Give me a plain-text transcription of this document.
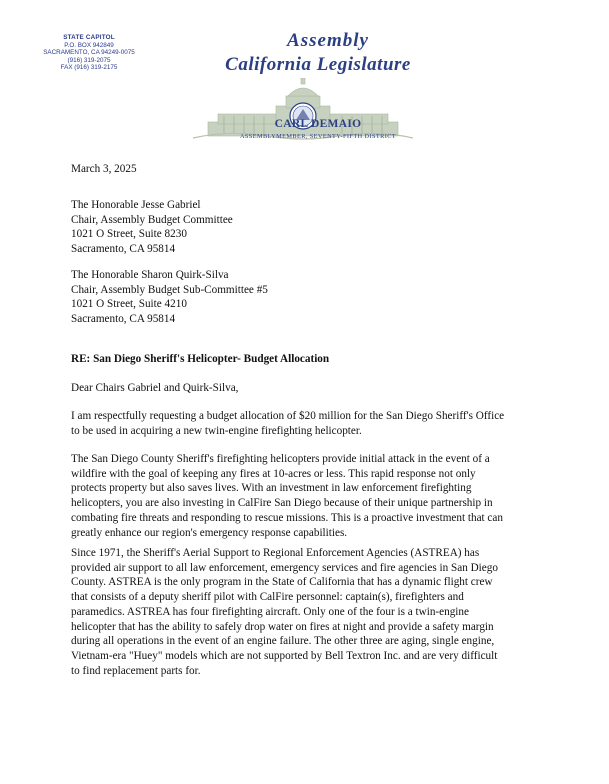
STATE CAPITOL
P.O. BOX 942849
SACRAMENTO, CA 94249-0075
(916) 319-2075
FAX (916) 319-2175
Assembly
California Legislature
CARL DEMAIO
ASSEMBLYMEMBER, SEVENTY-FIFTH DISTRICT
March 3, 2025
The Honorable Jesse Gabriel
Chair, Assembly Budget Committee
1021 O Street, Suite 8230
Sacramento, CA 95814
The Honorable Sharon Quirk-Silva
Chair, Assembly Budget Sub-Committee #5
1021 O Street, Suite 4210
Sacramento, CA 95814
RE: San Diego Sheriff's Helicopter- Budget Allocation
Dear Chairs Gabriel and Quirk-Silva,
I am respectfully requesting a budget allocation of $20 million for the San Diego Sheriff's Office
to be used in acquiring a new twin-engine firefighting helicopter.
The San Diego County Sheriff's firefighting helicopters provide initial attack in the event of a
wildfire with the goal of keeping any fires at 10-acres or less. This rapid response not only
protects property but also saves lives. With an investment in law enforcement firefighting
helicopters, you are also investing in CalFire San Diego because of their unique partnership in
combating fire threats and responding to rescue missions. This is a proactive investment that can
greatly enhance our region's emergency response capabilities.
Since 1971, the Sheriff's Aerial Support to Regional Enforcement Agencies (ASTREA) has
provided air support to all law enforcement, emergency services and fire agencies in San Diego
County. ASTREA is the only program in the State of California that has a dynamic flight crew
that consists of a deputy sheriff pilot with CalFire personnel: captain(s), firefighters and
paramedics. ASTREA has four firefighting aircraft. Only one of the four is a twin-engine
helicopter that has the ability to safely drop water on fires at night and provide a safety margin
during all operations in the event of an engine failure. The other three are aging, single engine,
Vietnam-era "Huey" models which are not supported by Bell Textron Inc. and are very difficult
to find replacement parts for.
